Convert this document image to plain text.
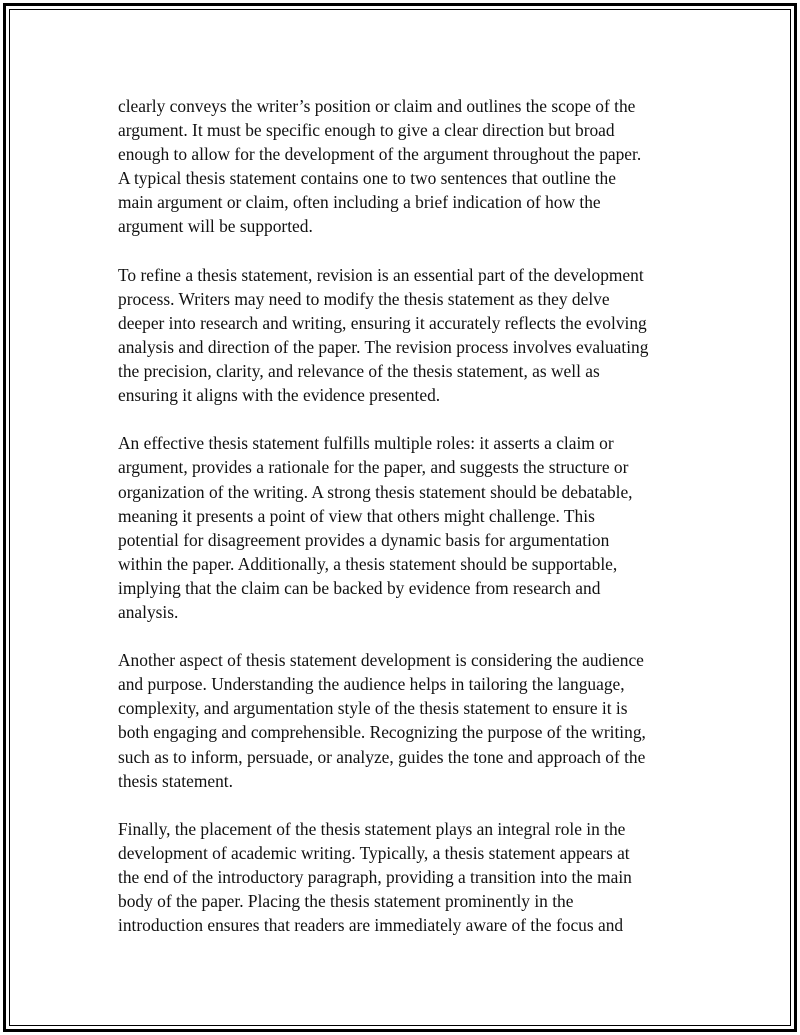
clearly conveys the writer’s position or claim and outlines the scope of the
argument. It must be specific enough to give a clear direction but broad
enough to allow for the development of the argument throughout the paper.
A typical thesis statement contains one to two sentences that outline the
main argument or claim, often including a brief indication of how the
argument will be supported.

To refine a thesis statement, revision is an essential part of the development
process. Writers may need to modify the thesis statement as they delve
deeper into research and writing, ensuring it accurately reflects the evolving
analysis and direction of the paper. The revision process involves evaluating
the precision, clarity, and relevance of the thesis statement, as well as
ensuring it aligns with the evidence presented.

An effective thesis statement fulfills multiple roles: it asserts a claim or
argument, provides a rationale for the paper, and suggests the structure or
organization of the writing. A strong thesis statement should be debatable,
meaning it presents a point of view that others might challenge. This
potential for disagreement provides a dynamic basis for argumentation
within the paper. Additionally, a thesis statement should be supportable,
implying that the claim can be backed by evidence from research and
analysis.

Another aspect of thesis statement development is considering the audience
and purpose. Understanding the audience helps in tailoring the language,
complexity, and argumentation style of the thesis statement to ensure it is
both engaging and comprehensible. Recognizing the purpose of the writing,
such as to inform, persuade, or analyze, guides the tone and approach of the
thesis statement.

Finally, the placement of the thesis statement plays an integral role in the
development of academic writing. Typically, a thesis statement appears at
the end of the introductory paragraph, providing a transition into the main
body of the paper. Placing the thesis statement prominently in the
introduction ensures that readers are immediately aware of the focus and
